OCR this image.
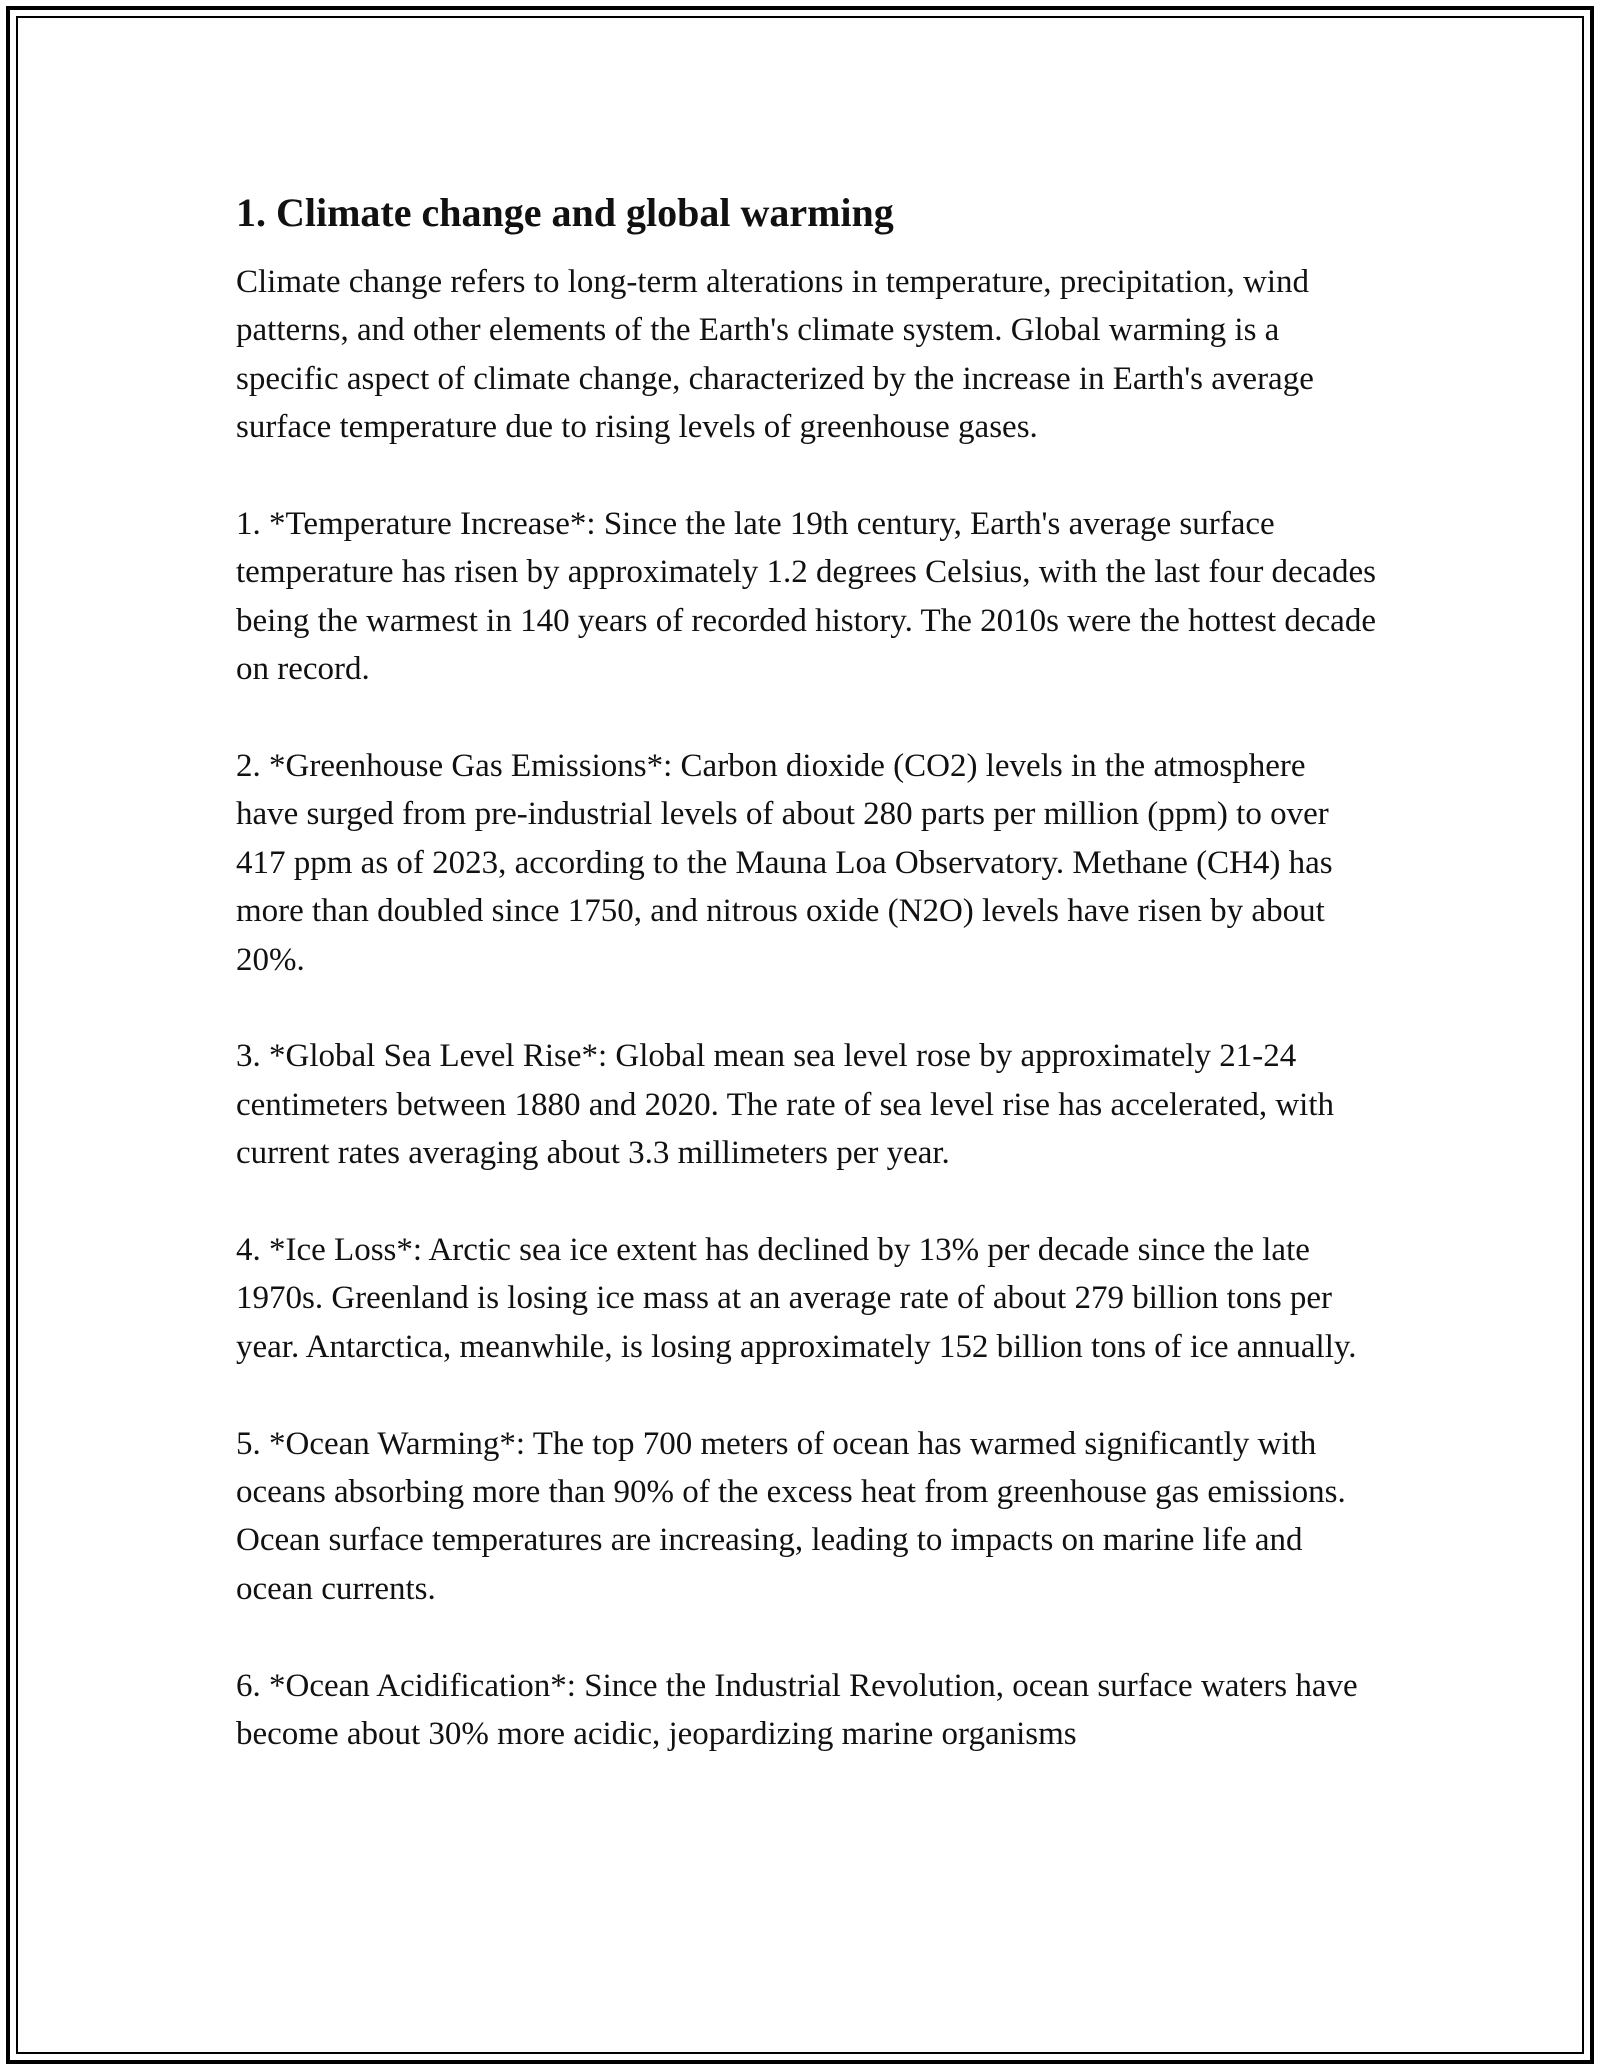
1. Climate change and global warming

Climate change refers to long-term alterations in temperature, precipitation, wind patterns, and other elements of the Earth's climate system. Global warming is a specific aspect of climate change, characterized by the increase in Earth's average surface temperature due to rising levels of greenhouse gases.

1. *Temperature Increase*: Since the late 19th century, Earth's average surface temperature has risen by approximately 1.2 degrees Celsius, with the last four decades being the warmest in 140 years of recorded history. The 2010s were the hottest decade on record.

2. *Greenhouse Gas Emissions*: Carbon dioxide (CO2) levels in the atmosphere have surged from pre-industrial levels of about 280 parts per million (ppm) to over 417 ppm as of 2023, according to the Mauna Loa Observatory. Methane (CH4) has more than doubled since 1750, and nitrous oxide (N2O) levels have risen by about 20%.

3. *Global Sea Level Rise*: Global mean sea level rose by approximately 21-24 centimeters between 1880 and 2020. The rate of sea level rise has accelerated, with current rates averaging about 3.3 millimeters per year.

4. *Ice Loss*: Arctic sea ice extent has declined by 13% per decade since the late 1970s. Greenland is losing ice mass at an average rate of about 279 billion tons per year. Antarctica, meanwhile, is losing approximately 152 billion tons of ice annually.

5. *Ocean Warming*: The top 700 meters of ocean has warmed significantly with oceans absorbing more than 90% of the excess heat from greenhouse gas emissions. Ocean surface temperatures are increasing, leading to impacts on marine life and ocean currents.

6. *Ocean Acidification*: Since the Industrial Revolution, ocean surface waters have become about 30% more acidic, jeopardizing marine organisms
